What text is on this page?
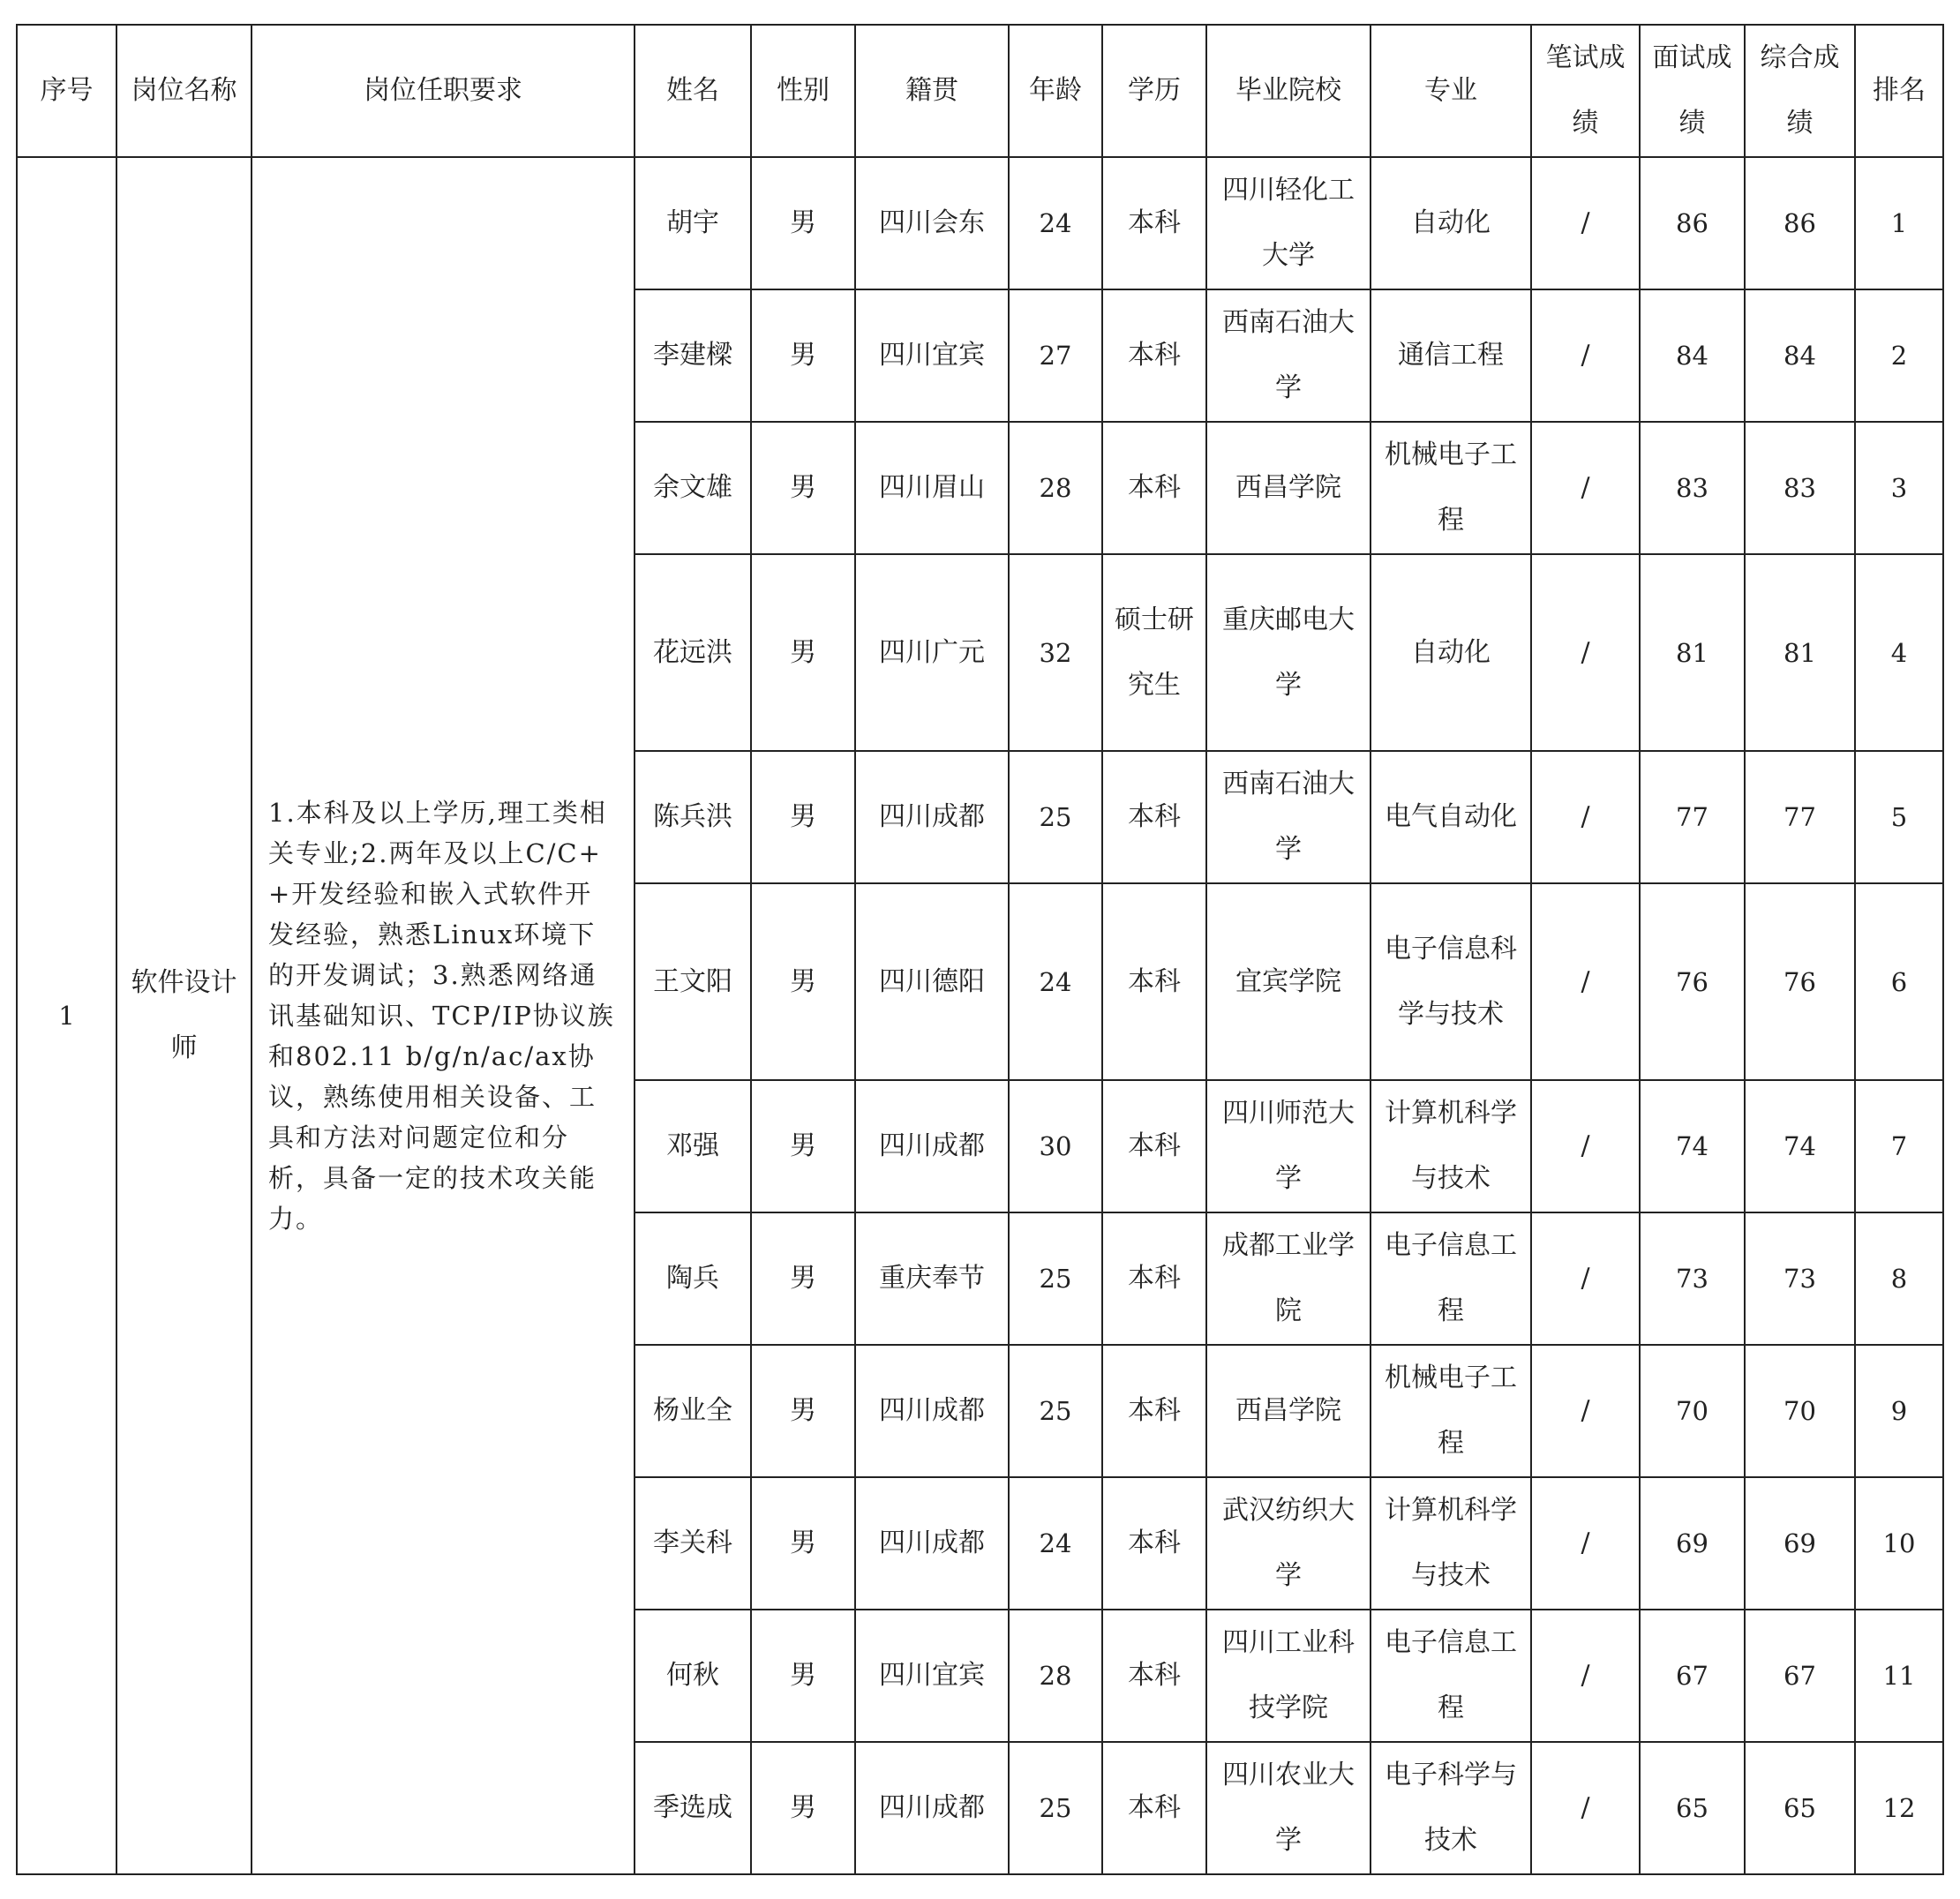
序号	岗位名称	岗位任职要求	姓名	性别	籍贯	年龄	学历	毕业院校	专业	笔试成绩	面试成绩	综合成绩	排名
1	软件设计师	1.本科及以上学历,理工类相关专业;2.两年及以上C/C++开发经验和嵌入式软件开发经验，熟悉Linux环境下的开发调试；3.熟悉网络通讯基础知识、TCP/IP协议族和802.11 b/g/n/ac/ax协议，熟练使用相关设备、工具和方法对问题定位和分析，具备一定的技术攻关能力。	胡宇	男	四川会东	24	本科	四川轻化工大学	自动化	/	86	86	1
			李建樑	男	四川宜宾	27	本科	西南石油大学	通信工程	/	84	84	2
			余文雄	男	四川眉山	28	本科	西昌学院	机械电子工程	/	83	83	3
			花远洪	男	四川广元	32	硕士研究生	重庆邮电大学	自动化	/	81	81	4
			陈兵洪	男	四川成都	25	本科	西南石油大学	电气自动化	/	77	77	5
			王文阳	男	四川德阳	24	本科	宜宾学院	电子信息科学与技术	/	76	76	6
			邓强	男	四川成都	30	本科	四川师范大学	计算机科学与技术	/	74	74	7
			陶兵	男	重庆奉节	25	本科	成都工业学院	电子信息工程	/	73	73	8
			杨业全	男	四川成都	25	本科	西昌学院	机械电子工程	/	70	70	9
			李关科	男	四川成都	24	本科	武汉纺织大学	计算机科学与技术	/	69	69	10
			何秋	男	四川宜宾	28	本科	四川工业科技学院	电子信息工程	/	67	67	11
			季选成	男	四川成都	25	本科	四川农业大学	电子科学与技术	/	65	65	12
